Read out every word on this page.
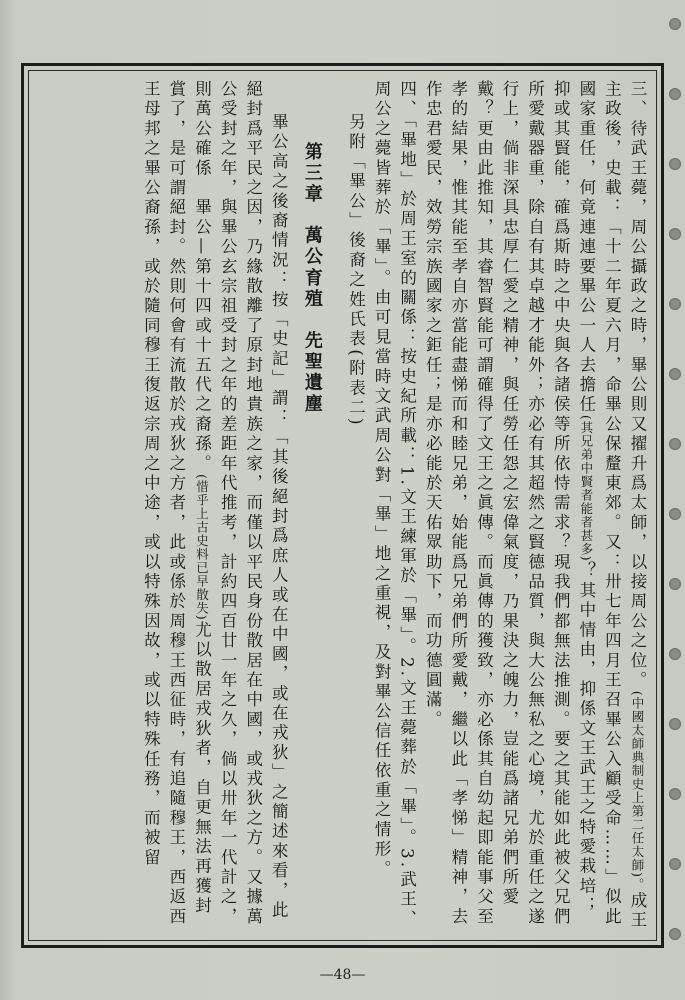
三、待武王薨，周公攝政之時，畢公則又擢升爲太師，以接周公之位。(中國太師典制史上第二任太師)。成王主政後，史載：「十二年夏六月，命畢公保釐東郊。又：卅七年四月王召畢公入顧受命……」似此國家重任，何竟連連要畢公一人去擔任(其兄弟中賢者能者甚多)？其中情由，抑係文王武王之特愛栽培；抑或其賢能，確爲斯時之中央與各諸侯等所依恃需求？現我們都無法推測。要之其能如此被父兄們所愛戴器重，除自有其卓越才能外；亦必有其超然之賢德品質，與大公無私之心境，尤於重任之遂行上，倘非深具忠厚仁愛之精神，與任勞任怨之宏偉氣度，乃果決之魄力，豈能爲諸兄弟們所愛戴？更由此推知，其睿智賢能可謂確得了文王之眞傳。而眞傳的獲致，亦必係其自幼起即能事父至孝的結果，惟其能至孝自亦當能盡悌而和睦兄弟，始能爲兄弟們所愛戴，繼以此「孝悌」精神，去作忠君愛民，效勞宗族國家之鉅任；是亦必能於天佑眾助下，而功德圓滿。

四、「畢地」於周王室的關係：按史紀所載：1.文王練軍於「畢」。2.文王薨葬於「畢」。3.武王、周公之薨皆葬於「畢」。由可見當時文武周公對「畢」地之重視，及對畢公信任依重之情形。

另附「畢公」後裔之姓氏表(附表二)

第三章萬公育殖先聖遺塵

畢公高之後裔情況：按「史記」謂：「其後絕封爲庶人或在中國，或在戎狄」之簡述來看，此絕封爲平民之因，乃緣散離了原封地貴族之家，而僅以平民身份散居在中國，或戎狄之方。又據萬公受封之年，與畢公玄宗祖受封之年的差距年代推考，計約四百廿一年之久，倘以卅年一代計之，則萬公確係　畢公—第十四或十五代之裔孫。(惜乎上古史料已早散失)尤以散居戎狄者，自更無法再獲封賞了，是可謂絕封。然則何會有流散於戎狄之方者，此或係於周穆王西征時，有追隨穆王，西返西王母邦之畢公裔孫，或於隨同穆王復返宗周之中途，或以特殊因故，或以特殊任務，而被留

—48—
